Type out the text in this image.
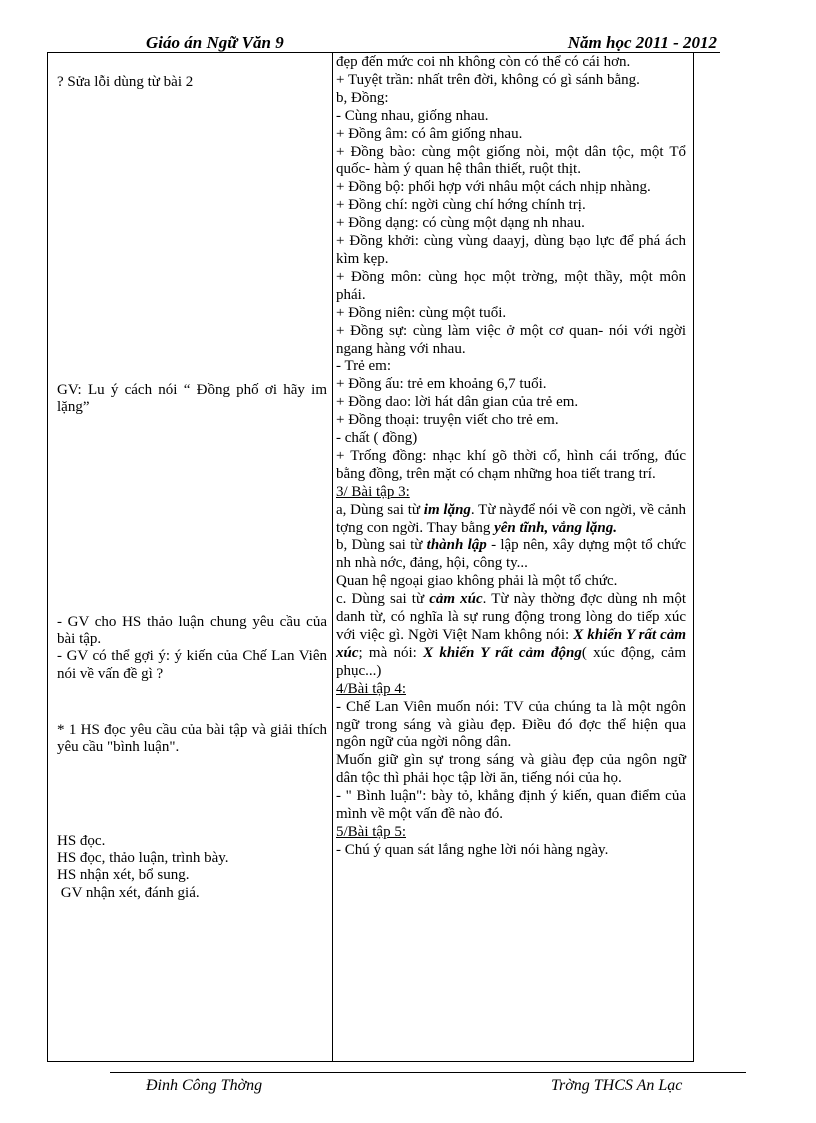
Giáo án Ngữ Văn 9	Năm học 2011 - 2012

? Sửa lỗi dùng từ bài 2

GV: Lu ý cách nói “ Đồng phố ơi hãy im lặng”

- GV cho HS thảo luận chung yêu cầu của bài tập.

- GV có thể gợi ý: ý kiến của Chế Lan Viên nói về vấn đề gì ?

* 1 HS đọc yêu cầu của bài tập và giải thích yêu cầu "bình luận".

HS đọc.

HS đọc, thảo luận, trình bày.

HS nhận xét, bổ sung.

GV nhận xét, đánh giá.

đẹp đến mức coi nh không còn có thể có cái hơn.

+ Tuyệt trần: nhất trên đời, không có gì sánh bằng.

b, Đồng:

- Cùng nhau, giống nhau.

+ Đồng âm: có âm giống nhau.

+ Đồng bào: cùng một giống nòi, một dân tộc, một Tổ quốc- hàm ý quan hệ thân thiết, ruột thịt.

+ Đồng bộ: phối hợp với nhâu một cách nhịp nhàng.

+ Đồng chí: ngời cùng chí hớng chính trị.

+ Đồng dạng: có cùng một dạng nh nhau.

+ Đồng khởi: cùng vùng daayj, dùng bạo lực để phá ách kìm kẹp.

+ Đồng môn: cùng học một trờng, một thầy, một môn phái.

+ Đồng niên: cùng một tuổi.

+ Đồng sự: cùng làm việc ở một cơ quan- nói với ngời ngang hàng với nhau.

- Trẻ em:

+ Đồng ấu: trẻ em khoảng 6,7 tuổi.

+ Đồng dao: lời hát dân gian của trẻ em.

+ Đồng thoại: truyện viết cho trẻ em.

- chất ( đồng)

+ Trống đồng: nhạc khí gõ thời cổ, hình cái trống, đúc bằng đồng, trên mặt có chạm những hoa tiết trang trí.

3/ Bài tập 3:

a, Dùng sai từ im lặng. Từ nàyđể nói về con ngời, về cảnh tợng con ngời. Thay bằng yên tĩnh, vắng lặng.

b, Dùng sai từ thành lập - lập nên, xây dựng một tổ chức nh nhà nớc, đảng, hội, công ty...

Quan hệ ngoại giao không phải là một tổ chức.

c. Dùng sai từ cảm xúc. Từ này thờng đợc dùng nh một danh từ, có nghĩa là sự rung động trong lòng do tiếp xúc với việc gì. Ngời Việt Nam không nói: X khiến Y rất cảm xúc; mà nói: X khiến Y rất cảm động( xúc động, cảm phục...)

4/Bài tập 4:

- Chế Lan Viên muốn nói: TV của chúng ta là một ngôn ngữ trong sáng và giàu đẹp. Điều đó đợc thể hiện qua ngôn ngữ của ngời nông dân.

Muốn giữ gìn sự trong sáng và giàu đẹp của ngôn ngữ dân tộc thì phải học tập lời ăn, tiếng nói của họ.

- " Bình luận": bày tỏ, khẳng định ý kiến, quan điểm của mình về một vấn đề nào đó.

5/Bài tập 5:

- Chú ý quan sát lắng nghe lời nói hàng ngày.

Đinh Công Thờng	Trờng THCS An Lạc
